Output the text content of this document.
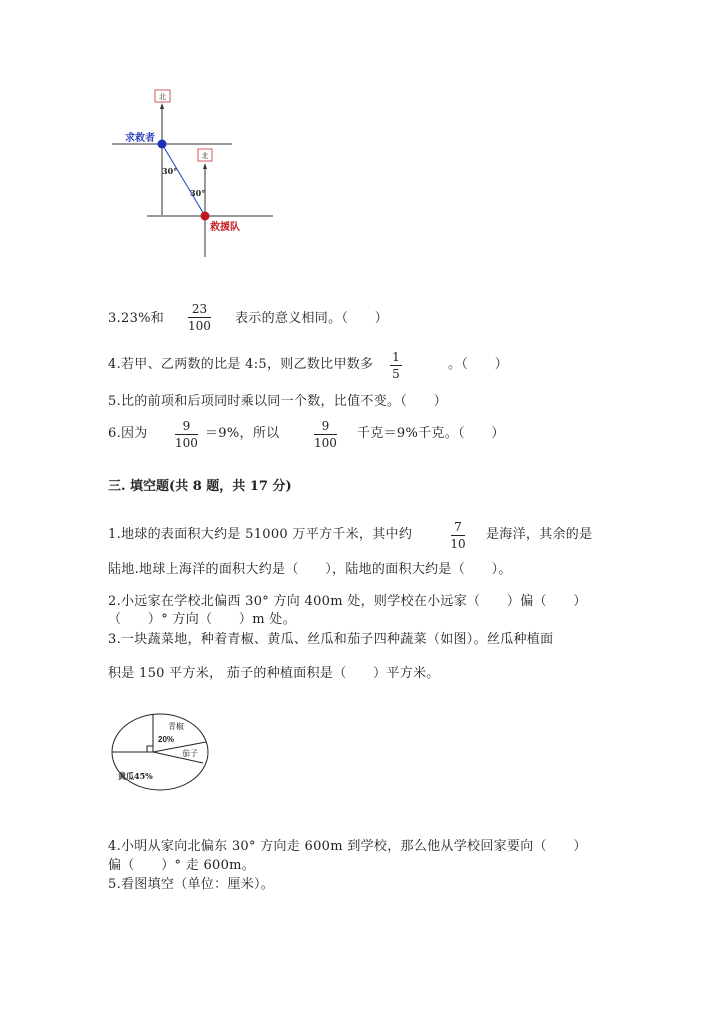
北
北
求救者
救援队
30°
30°
3.23%和
23
100 表示的意义相同。（　　）
4.若甲、乙两数的比是 4:5，则乙数比甲数多 1
5
。（　　）
5.比的前项和后项同时乘以同一个数，比值不变。（　　）
6.因为	9
100
＝9%，所以	9
100
千克＝9%千克。（　　）
三. 填空题(共 8 题，共 17 分)
1.地球的表面积大约是 51000 万平方千米，其中约	7
10
是海洋，其余的是
陆地.地球上海洋的面积大约是（　　），陆地的面积大约是（　　）。
2.小远家在学校北偏西 30° 方向 400m 处，则学校在小远家（　　）偏（　　）
（　　）° 方向（　　）m 处。
3.一块蔬菜地，种着青椒、黄瓜、丝瓜和茄子四种蔬菜（如图）。丝瓜种植面
积是 150 平方米， 茄子的种植面积是（　　）平方米。
青椒
20%
茄子
黄瓜45%
4.小明从家向北偏东 30° 方向走 600m 到学校，那么他从学校回家要向（　　）
偏（　　）° 走 600m。
5.看图填空（单位：厘米）。
